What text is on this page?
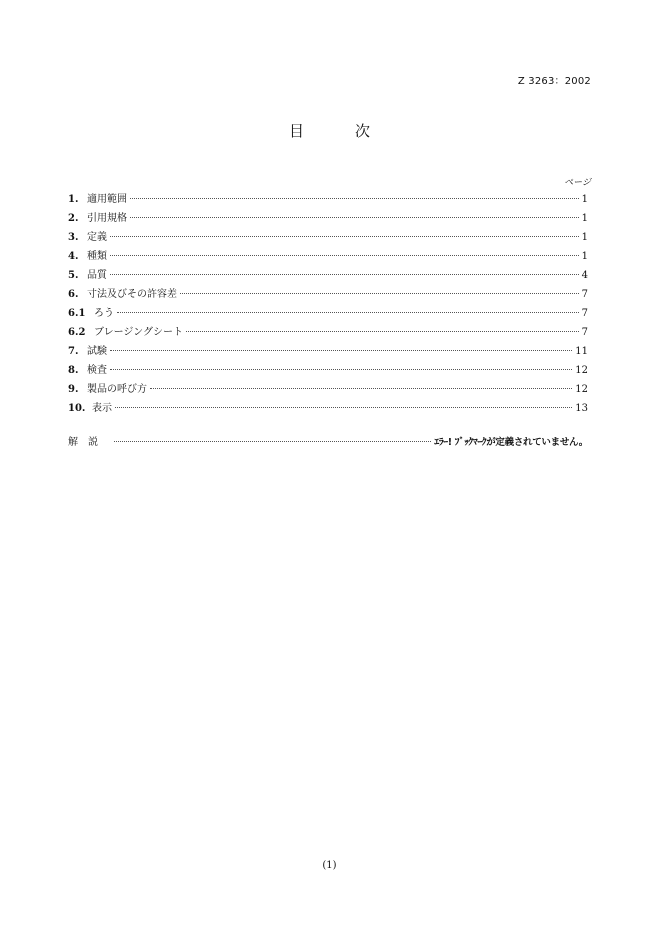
Z 3263：2002
目　次
ページ
1. 適用範囲	1
2. 引用規格	1
3. 定義	1
4. 種類	1
5. 品質	4
6. 寸法及びその許容差	7
6.1 ろう	7
6.2 ブレージングシート	7
7. 試験	11
8. 検査	12
9. 製品の呼び方	12
10. 表示	13
解説	ｴﾗｰ! ﾌﾞｯｸﾏｰｸが定義されていません。
(1)
